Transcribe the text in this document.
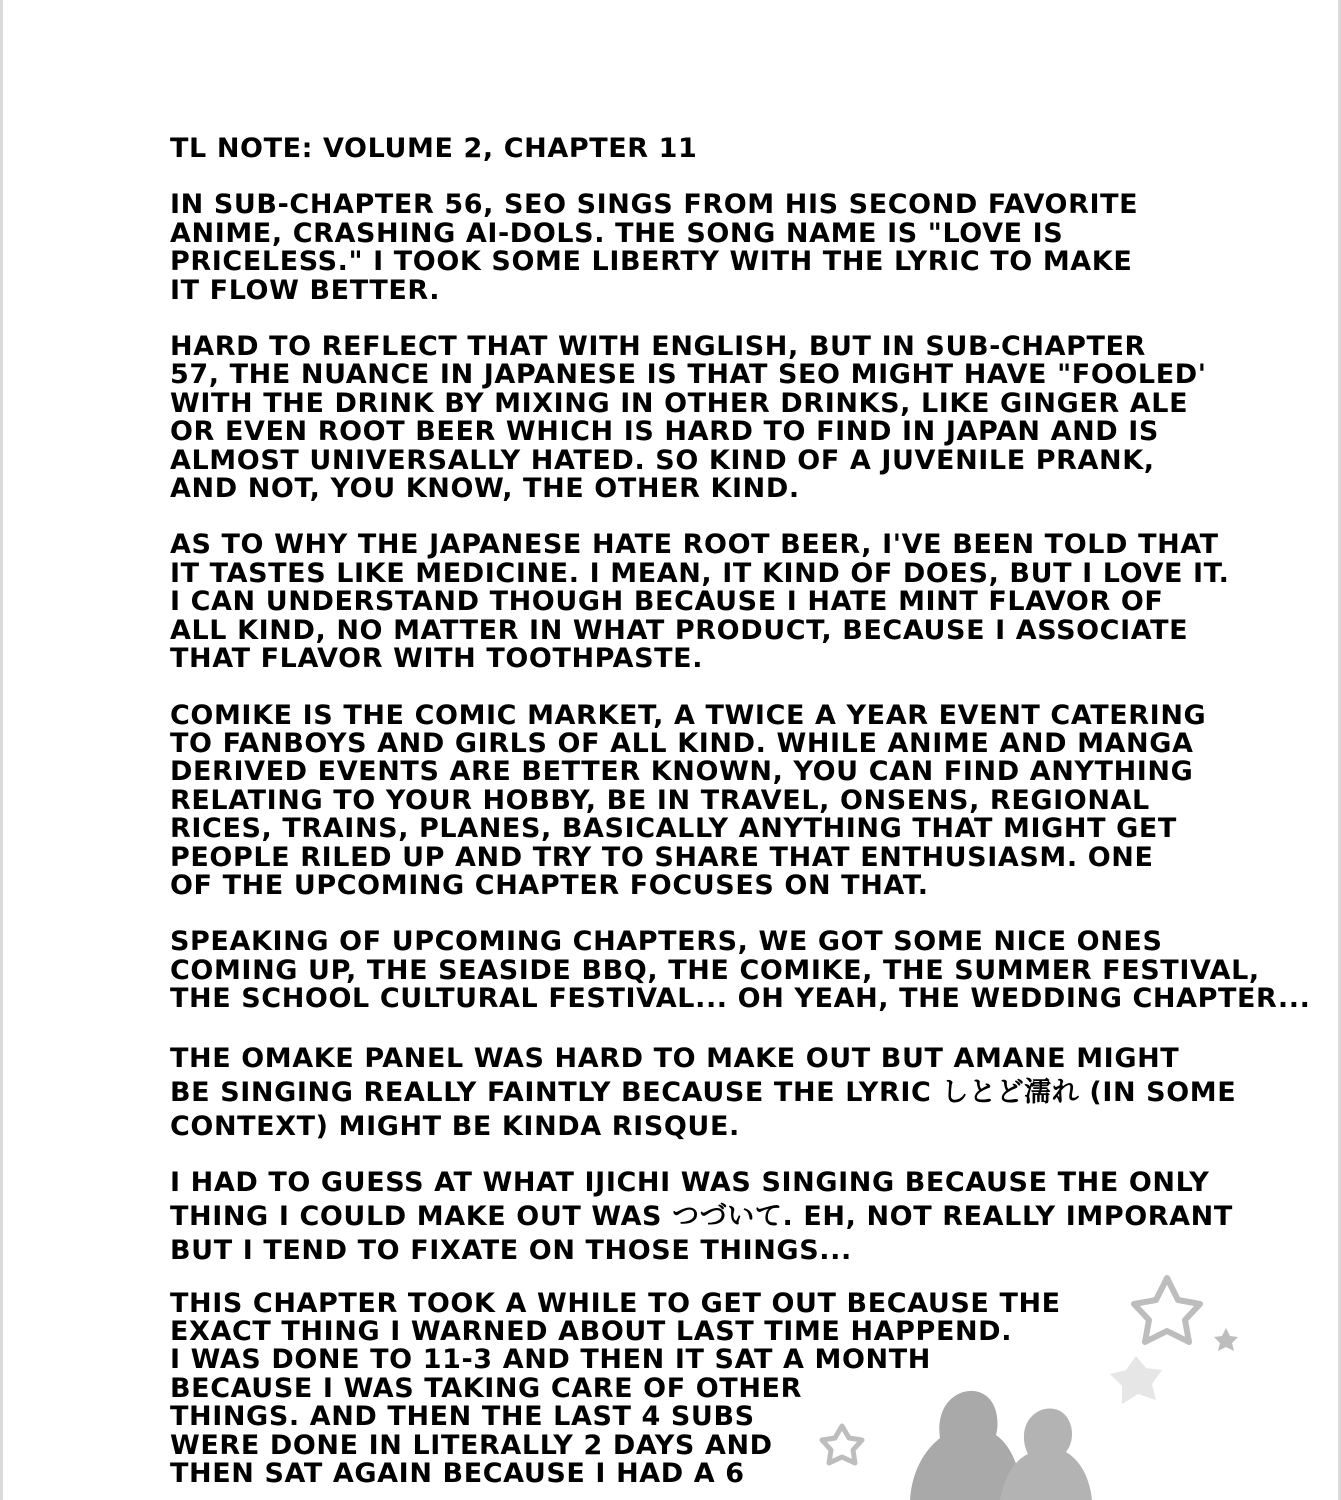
TL NOTE: VOLUME 2, CHAPTER 11

IN SUB-CHAPTER 56, SEO SINGS FROM HIS SECOND FAVORITE
ANIME, CRASHING AI-DOLS. THE SONG NAME IS "LOVE IS
PRICELESS." I TOOK SOME LIBERTY WITH THE LYRIC TO MAKE
IT FLOW BETTER.

HARD TO REFLECT THAT WITH ENGLISH, BUT IN SUB-CHAPTER
57, THE NUANCE IN JAPANESE IS THAT SEO MIGHT HAVE "FOOLED'
WITH THE DRINK BY MIXING IN OTHER DRINKS, LIKE GINGER ALE
OR EVEN ROOT BEER WHICH IS HARD TO FIND IN JAPAN AND IS
ALMOST UNIVERSALLY HATED. SO KIND OF A JUVENILE PRANK,
AND NOT, YOU KNOW, THE OTHER KIND.

AS TO WHY THE JAPANESE HATE ROOT BEER, I'VE BEEN TOLD THAT
IT TASTES LIKE MEDICINE. I MEAN, IT KIND OF DOES, BUT I LOVE IT.
I CAN UNDERSTAND THOUGH BECAUSE I HATE MINT FLAVOR OF
ALL KIND, NO MATTER IN WHAT PRODUCT, BECAUSE I ASSOCIATE
THAT FLAVOR WITH TOOTHPASTE.

COMIKE IS THE COMIC MARKET, A TWICE A YEAR EVENT CATERING
TO FANBOYS AND GIRLS OF ALL KIND. WHILE ANIME AND MANGA
DERIVED EVENTS ARE BETTER KNOWN, YOU CAN FIND ANYTHING
RELATING TO YOUR HOBBY, BE IN TRAVEL, ONSENS, REGIONAL
RICES, TRAINS, PLANES, BASICALLY ANYTHING THAT MIGHT GET
PEOPLE RILED UP AND TRY TO SHARE THAT ENTHUSIASM. ONE
OF THE UPCOMING CHAPTER FOCUSES ON THAT.

SPEAKING OF UPCOMING CHAPTERS, WE GOT SOME NICE ONES
COMING UP, THE SEASIDE BBQ, THE COMIKE, THE SUMMER FESTIVAL,
THE SCHOOL CULTURAL FESTIVAL... OH YEAH, THE WEDDING CHAPTER...

THE OMAKE PANEL WAS HARD TO MAKE OUT BUT AMANE MIGHT
BE SINGING REALLY FAINTLY BECAUSE THE LYRIC しとど濡れ (IN SOME
CONTEXT) MIGHT BE KINDA RISQUE.

I HAD TO GUESS AT WHAT IJICHI WAS SINGING BECAUSE THE ONLY
THING I COULD MAKE OUT WAS つづいて. EH, NOT REALLY IMPORANT
BUT I TEND TO FIXATE ON THOSE THINGS...

THIS CHAPTER TOOK A WHILE TO GET OUT BECAUSE THE
EXACT THING I WARNED ABOUT LAST TIME HAPPEND.
I WAS DONE TO 11-3 AND THEN IT SAT A MONTH
BECAUSE I WAS TAKING CARE OF OTHER
THINGS. AND THEN THE LAST 4 SUBS
WERE DONE IN LITERALLY 2 DAYS AND
THEN SAT AGAIN BECAUSE I HAD A 6
